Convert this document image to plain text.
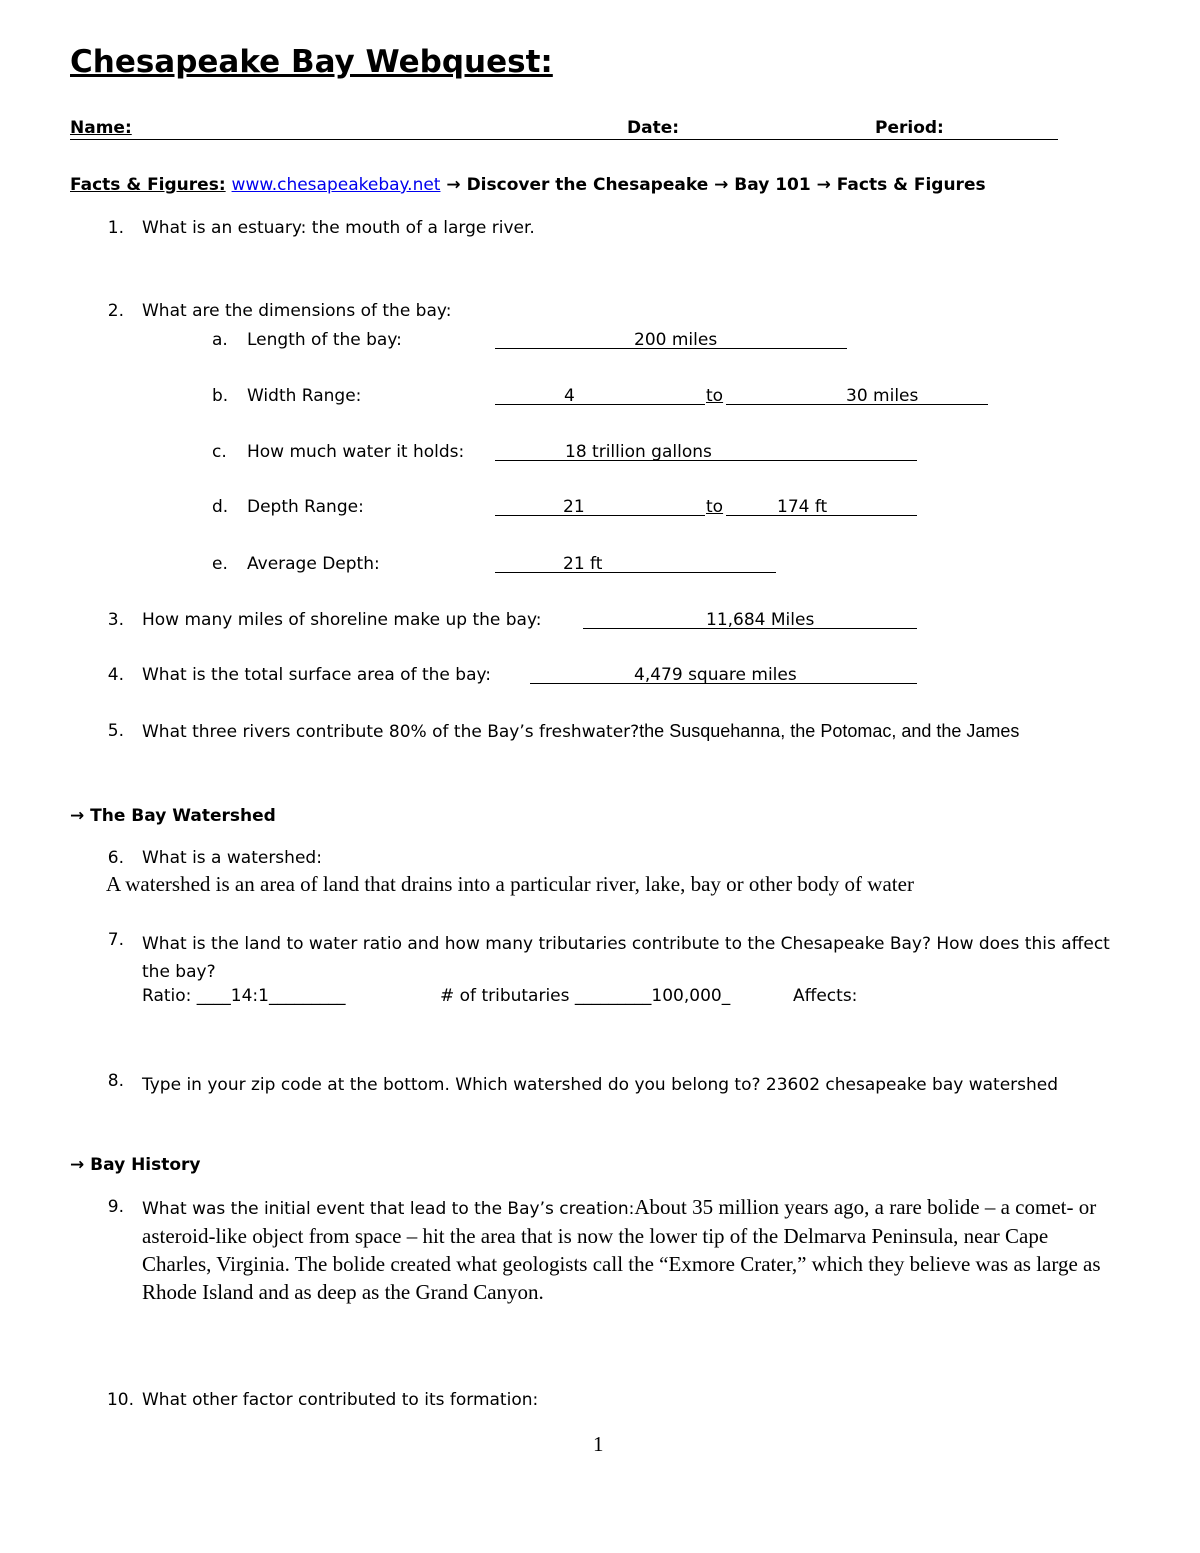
Chesapeake Bay Webquest:
Name:	Date:	Period:
Facts & Figures: www.chesapeakebay.net → Discover the Chesapeake → Bay 101 → Facts & Figures
1. What is an estuary: the mouth of a large river.
2. What are the dimensions of the bay:
a. Length of the bay:	200 miles
b. Width Range:	4	to	30 miles
c. How much water it holds:	18 trillion gallons
d. Depth Range:	21	to	174 ft
e. Average Depth:	21 ft
3. How many miles of shoreline make up the bay:	11,684 Miles
4. What is the total surface area of the bay:	4,479 square miles
5. What three rivers contribute 80% of the Bay’s freshwater?the Susquehanna, the Potomac, and the James
→ The Bay Watershed
6. What is a watershed:
A watershed is an area of land that drains into a particular river, lake, bay or other body of water
7. What is the land to water ratio and how many tributaries contribute to the Chesapeake Bay? How does this affect the bay?
Ratio: ____14:1_________	# of tributaries _________100,000_	Affects:
8. Type in your zip code at the bottom. Which watershed do you belong to? 23602 chesapeake bay watershed
→ Bay History
9. What was the initial event that lead to the Bay’s creation:About 35 million years ago, a rare bolide – a comet- or asteroid-like object from space – hit the area that is now the lower tip of the Delmarva Peninsula, near Cape Charles, Virginia. The bolide created what geologists call the “Exmore Crater,” which they believe was as large as Rhode Island and as deep as the Grand Canyon.
10. What other factor contributed to its formation:
1
